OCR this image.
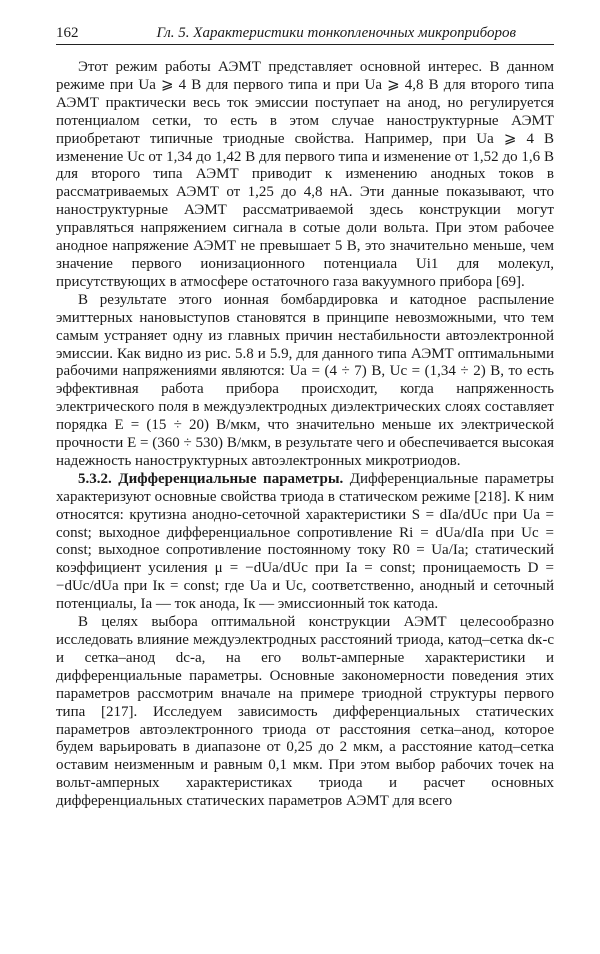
162	Гл. 5. Характеристики тонкопленочных микроприборов

Этот режим работы АЭМТ представляет основной интерес. В данном режиме при Uа ⩾ 4 В для первого типа и при Uа ⩾ 4,8 В для второго типа АЭМТ практически весь ток эмиссии поступает на анод, но регулируется потенциалом сетки, то есть в этом случае наноструктурные АЭМТ приобретают типичные триодные свойства. Например, при Uа ⩾ 4 В изменение Uс от 1,34 до 1,42 В для первого типа и изменение от 1,52 до 1,6 В для второго типа АЭМТ приводит к изменению анодных токов в рассматриваемых АЭМТ от 1,25 до 4,8 нА. Эти данные показывают, что наноструктурные АЭМТ рассматриваемой здесь конструкции могут управляться напряжением сигнала в сотые доли вольта. При этом рабочее анодное напряжение АЭМТ не превышает 5 В, это значительно меньше, чем значение первого ионизационного потенциала Ui1 для молекул, присутствующих в атмосфере остаточного газа вакуумного прибора [69].

В результате этого ионная бомбардировка и катодное распыление эмиттерных нановыступов становятся в принципе невозможными, что тем самым устраняет одну из главных причин нестабильности автоэлектронной эмиссии. Как видно из рис. 5.8 и 5.9, для данного типа АЭМТ оптимальными рабочими напряжениями являются: Uа = (4 ÷ 7) В, Uс = (1,34 ÷ 2) В, то есть эффективная работа прибора происходит, когда напряженность электрического поля в междуэлектродных диэлектрических слоях составляет порядка E = (15 ÷ 20) В/мкм, что значительно меньше их электрической прочности E = (360 ÷ 530) В/мкм, в результате чего и обеспечивается высокая надежность наноструктурных автоэлектронных микротриодов.

5.3.2. Дифференциальные параметры. Дифференциальные параметры характеризуют основные свойства триода в статическом режиме [218]. К ним относятся: крутизна анодно-сеточной характеристики S = dIа/dUс при Uа = const; выходное дифференциальное сопротивление Ri = dUа/dIа при Uс = const; выходное сопротивление постоянному току R0 = Uа/Iа; статический коэффициент усиления μ = −dUа/dUс при Iа = const; проницаемость D = −dUс/dUа при Iк = const; где Uа и Uс, соответственно, анодный и сеточный потенциалы, Iа — ток анода, Iк — эмиссионный ток катода.

В целях выбора оптимальной конструкции АЭМТ целесообразно исследовать влияние междуэлектродных расстояний триода, катод–сетка dк-с и сетка–анод dс-а, на его вольт-амперные характеристики и дифференциальные параметры. Основные закономерности поведения этих параметров рассмотрим вначале на примере триодной структуры первого типа [217]. Исследуем зависимость дифференциальных статических параметров автоэлектронного триода от расстояния сетка–анод, которое будем варьировать в диапазоне от 0,25 до 2 мкм, а расстояние катод–сетка оставим неизменным и равным 0,1 мкм. При этом выбор рабочих точек на вольт-амперных характеристиках триода и расчет основных дифференциальных статических параметров АЭМТ для всего
